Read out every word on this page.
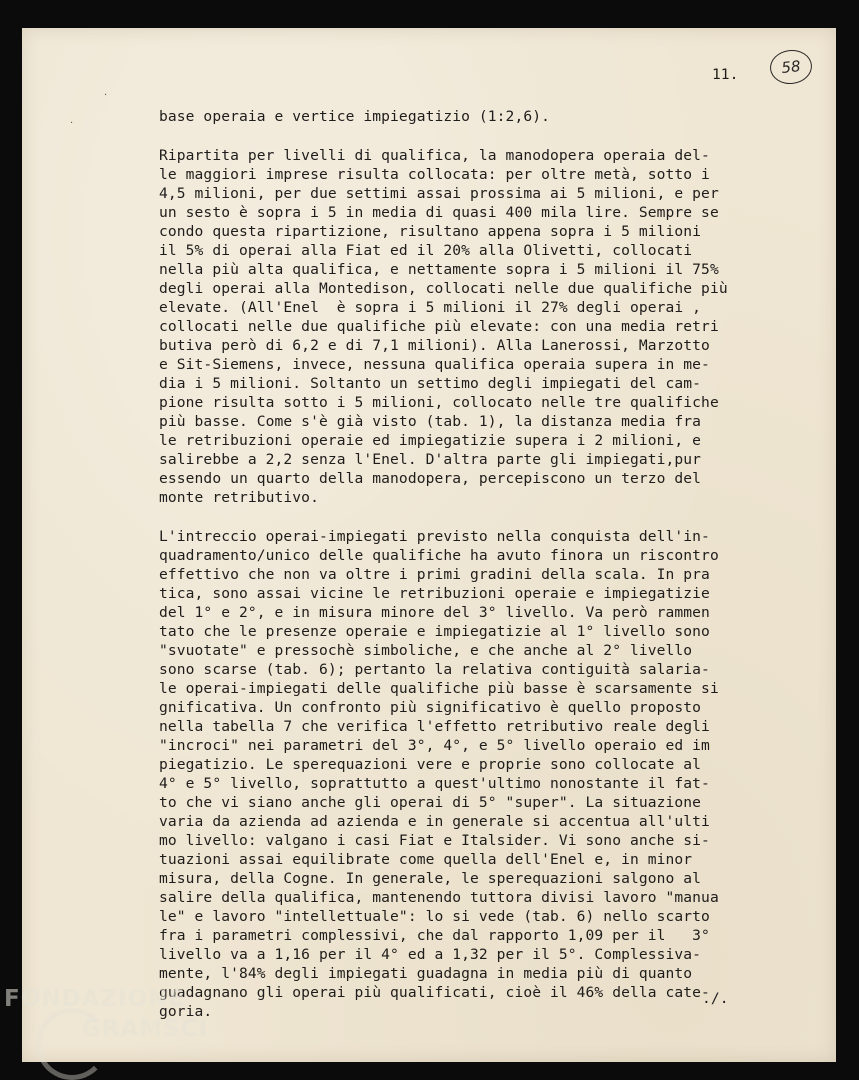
·
·
11.	58
base operaia e vertice impiegatizio (1:2,6).
Ripartita per livelli di qualifica, la manodopera operaia del-
le maggiori imprese risulta collocata: per oltre metà, sotto i
4,5 milioni, per due settimi assai prossima ai 5 milioni, e per
un sesto è sopra i 5 in media di quasi 400 mila lire. Sempre se
condo questa ripartizione, risultano appena sopra i 5 milioni
il 5% di operai alla Fiat ed il 20% alla Olivetti, collocati
nella più alta qualifica, e nettamente sopra i 5 milioni il 75%
degli operai alla Montedison, collocati nelle due qualifiche più
elevate. (All'Enel  è sopra i 5 milioni il 27% degli operai ,
collocati nelle due qualifiche più elevate: con una media retri
butiva però di 6,2 e di 7,1 milioni). Alla Lanerossi, Marzotto
e Sit-Siemens, invece, nessuna qualifica operaia supera in me-
dia i 5 milioni. Soltanto un settimo degli impiegati del cam-
pione risulta sotto i 5 milioni, collocato nelle tre qualifiche
più basse. Come s'è già visto (tab. 1), la distanza media fra
le retribuzioni operaie ed impiegatizie supera i 2 milioni, e
salirebbe a 2,2 senza l'Enel. D'altra parte gli impiegati,pur
essendo un quarto della manodopera, percepiscono un terzo del
monte retributivo.
L'intreccio operai-impiegati previsto nella conquista dell'in-
quadramento/unico delle qualifiche ha avuto finora un riscontro
effettivo che non va oltre i primi gradini della scala. In pra
tica, sono assai vicine le retribuzioni operaie e impiegatizie
del 1° e 2°, e in misura minore del 3° livello. Va però rammen
tato che le presenze operaie e impiegatizie al 1° livello sono
"svuotate" e pressochè simboliche, e che anche al 2° livello
sono scarse (tab. 6); pertanto la relativa contiguità salaria-
le operai-impiegati delle qualifiche più basse è scarsamente si
gnificativa. Un confronto più significativo è quello proposto
nella tabella 7 che verifica l'effetto retributivo reale degli
"incroci" nei parametri del 3°, 4°, e 5° livello operaio ed im
piegatizio. Le sperequazioni vere e proprie sono collocate al
4° e 5° livello, soprattutto a quest'ultimo nonostante il fat-
to che vi siano anche gli operai di 5° "super". La situazione
varia da azienda ad azienda e in generale si accentua all'ulti
mo livello: valgano i casi Fiat e Italsider. Vi sono anche si-
tuazioni assai equilibrate come quella dell'Enel e, in minor
misura, della Cogne. In generale, le sperequazioni salgono al
salire della qualifica, mantenendo tuttora divisi lavoro "manua
le" e lavoro "intellettuale": lo si vede (tab. 6) nello scarto
fra i parametri complessivi, che dal rapporto 1,09 per il   3°
livello va a 1,16 per il 4° ed a 1,32 per il 5°. Complessiva-
mente, l'84% degli impiegati guadagna in media più di quanto
guadagnano gli operai più qualificati, cioè il 46% della cate-
goria.
./.
FONDAZIONE
GRAMSCI
onlus
